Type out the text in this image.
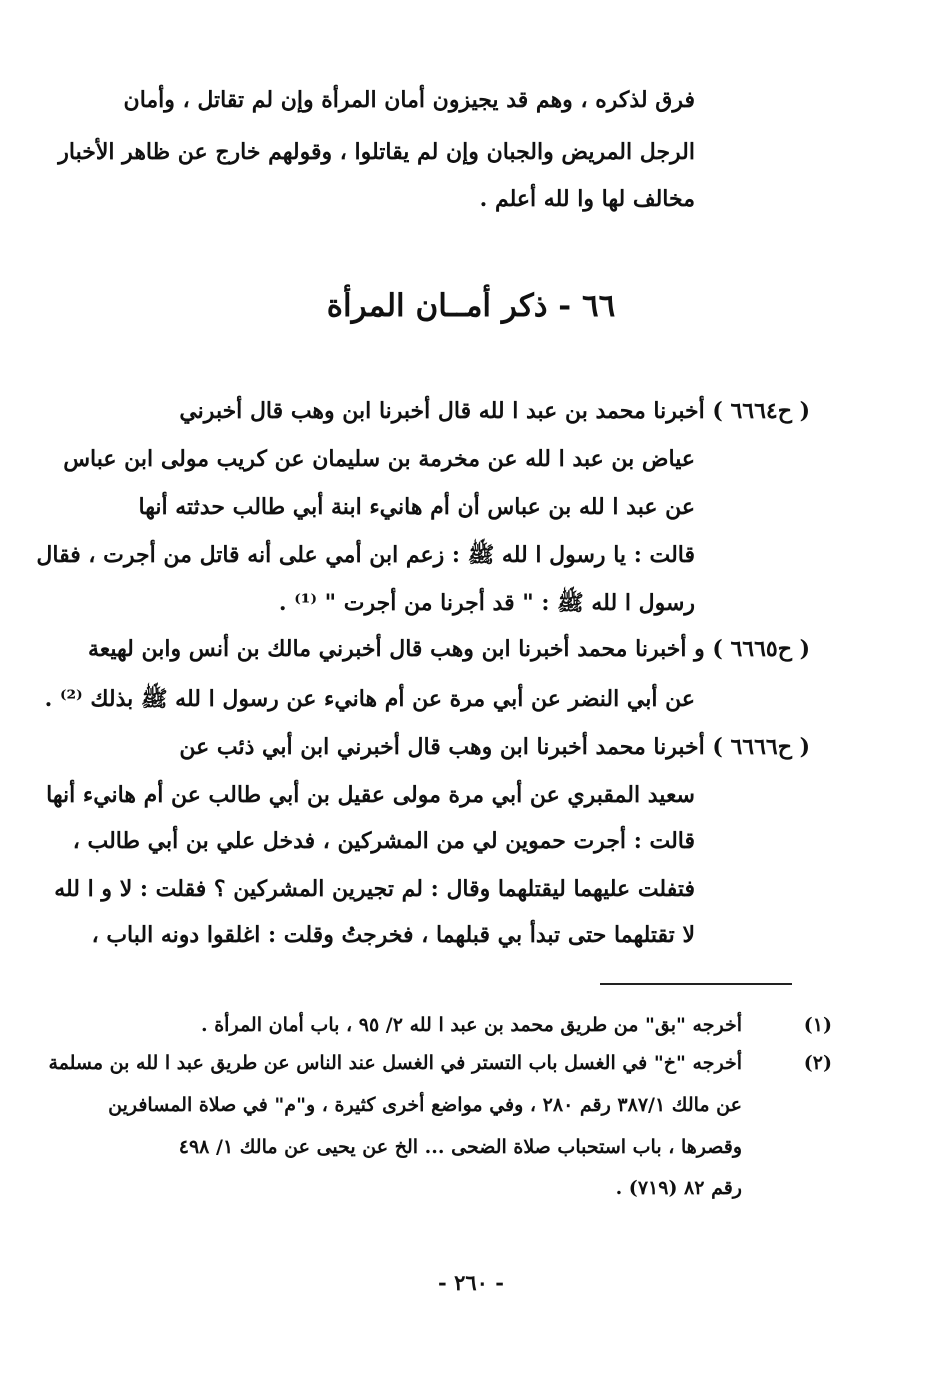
فرق لذكره ، وهم قد يجيزون أمان المرأة وإن لم تقاتل ، وأمان
الرجل المريض والجبان وإن لم يقاتلوا ، وقولهم خارج عن ظاهر الأخبار
مخالف لها وا لله أعلم .
٦٦ - ذكر أمــان المرأة
( ح٦٦٦٤ ) أخبرنا محمد بن عبد ا لله قال أخبرنا ابن وهب قال أخبرني
عياض بن عبد ا لله عن مخرمة بن سليمان عن كريب مولى ابن عباس
عن عبد ا لله بن عباس أن أم هانيء ابنة أبي طالب حدثته أنها
قالت : يا رسول ا لله ﷺ : زعم ابن أمي على أنه قاتل من أجرت ، فقال
رسول ا لله ﷺ : " قد أجرنا من أجرت " ⁽¹⁾ .
( ح٦٦٦٥ ) و أخبرنا محمد أخبرنا ابن وهب قال أخبرني مالك بن أنس وابن لهيعة
عن أبي النضر عن أبي مرة عن أم هانيء عن رسول ا لله ﷺ بذلك ⁽²⁾ .
( ح٦٦٦٦ ) أخبرنا محمد أخبرنا ابن وهب قال أخبرني ابن أبي ذئب عن
سعيد المقبري عن أبي مرة مولى عقيل بن أبي طالب عن أم هانيء أنها
قالت : أجرت حموين لي من المشركين ، فدخل علي بن أبي طالب ،
فتفلت عليهما ليقتلهما وقال : لم تجيرين المشركين ؟ فقلت : لا و ا لله
لا تقتلهما حتى تبدأ بي قبلهما ، فخرجتُ وقلت : اغلقوا دونه الباب ،
(١)
أخرجه "بق" من طريق محمد بن عبد ا لله ٢/ ٩٥ ، باب أمان المرأة .
(٢)
أخرجه "خ" في الغسل باب التستر في الغسل عند الناس عن طريق عبد ا لله بن مسلمة
عن مالك ٣٨٧/١ رقم ٢٨٠ ، وفي مواضع أخرى كثيرة ، و"م" في صلاة المسافرين
وقصرها ، باب استحباب صلاة الضحى ... الخ عن يحيى عن مالك ١/ ٤٩٨
رقم ٨٢ (٧١٩) .
- ٢٦٠ -
